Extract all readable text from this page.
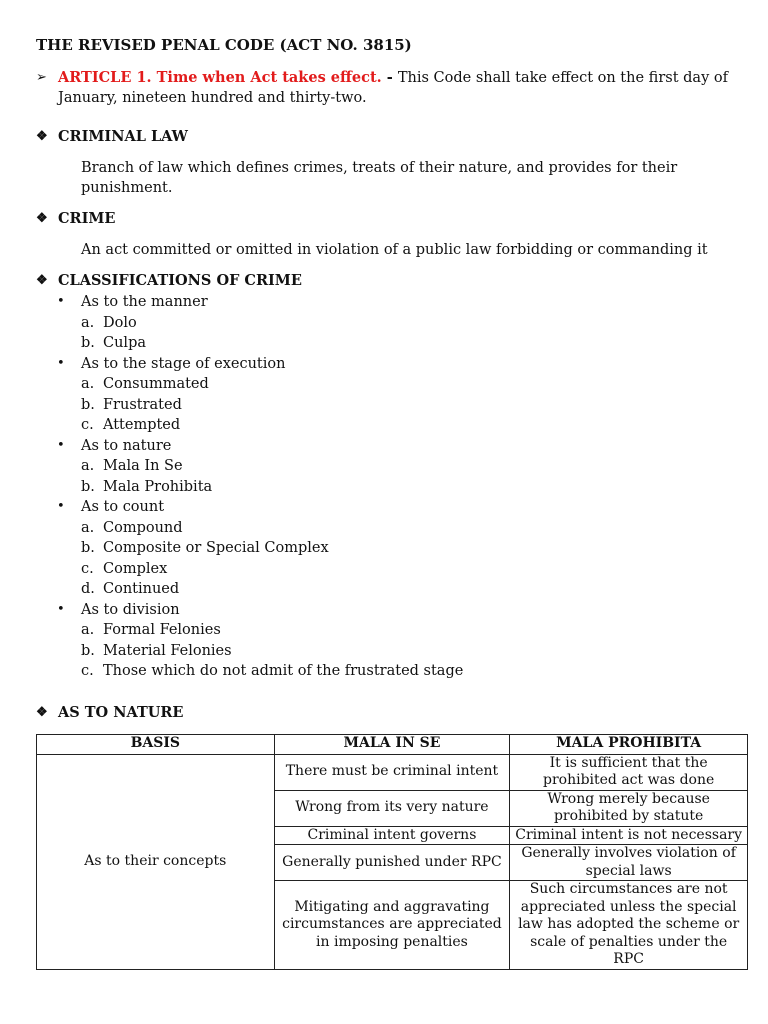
THE REVISED PENAL CODE (ACT NO. 3815)
➢ ARTICLE 1. Time when Act takes effect. - This Code shall take effect on the first day of January, nineteen hundred and thirty-two.
❖ CRIMINAL LAW
Branch of law which defines crimes, treats of their nature, and provides for their punishment.
❖ CRIME
An act committed or omitted in violation of a public law forbidding or commanding it
❖ CLASSIFICATIONS OF CRIME
• As to the manner
a. Dolo
b. Culpa
• As to the stage of execution
a. Consummated
b. Frustrated
c. Attempted
• As to nature
a. Mala In Se
b. Mala Prohibita
• As to count
a. Compound
b. Composite or Special Complex
c. Complex
d. Continued
• As to division
a. Formal Felonies
b. Material Felonies
c. Those which do not admit of the frustrated stage
❖ AS TO NATURE
BASIS	MALA IN SE	MALA PROHIBITA
As to their concepts	There must be criminal intent	It is sufficient that the prohibited act was done
	Wrong from its very nature	Wrong merely because prohibited by statute
	Criminal intent governs	Criminal intent is not necessary
	Generally punished under RPC	Generally involves violation of special laws
	Mitigating and aggravating circumstances are appreciated in imposing penalties	Such circumstances are not appreciated unless the special law has adopted the scheme or scale of penalties under the RPC
